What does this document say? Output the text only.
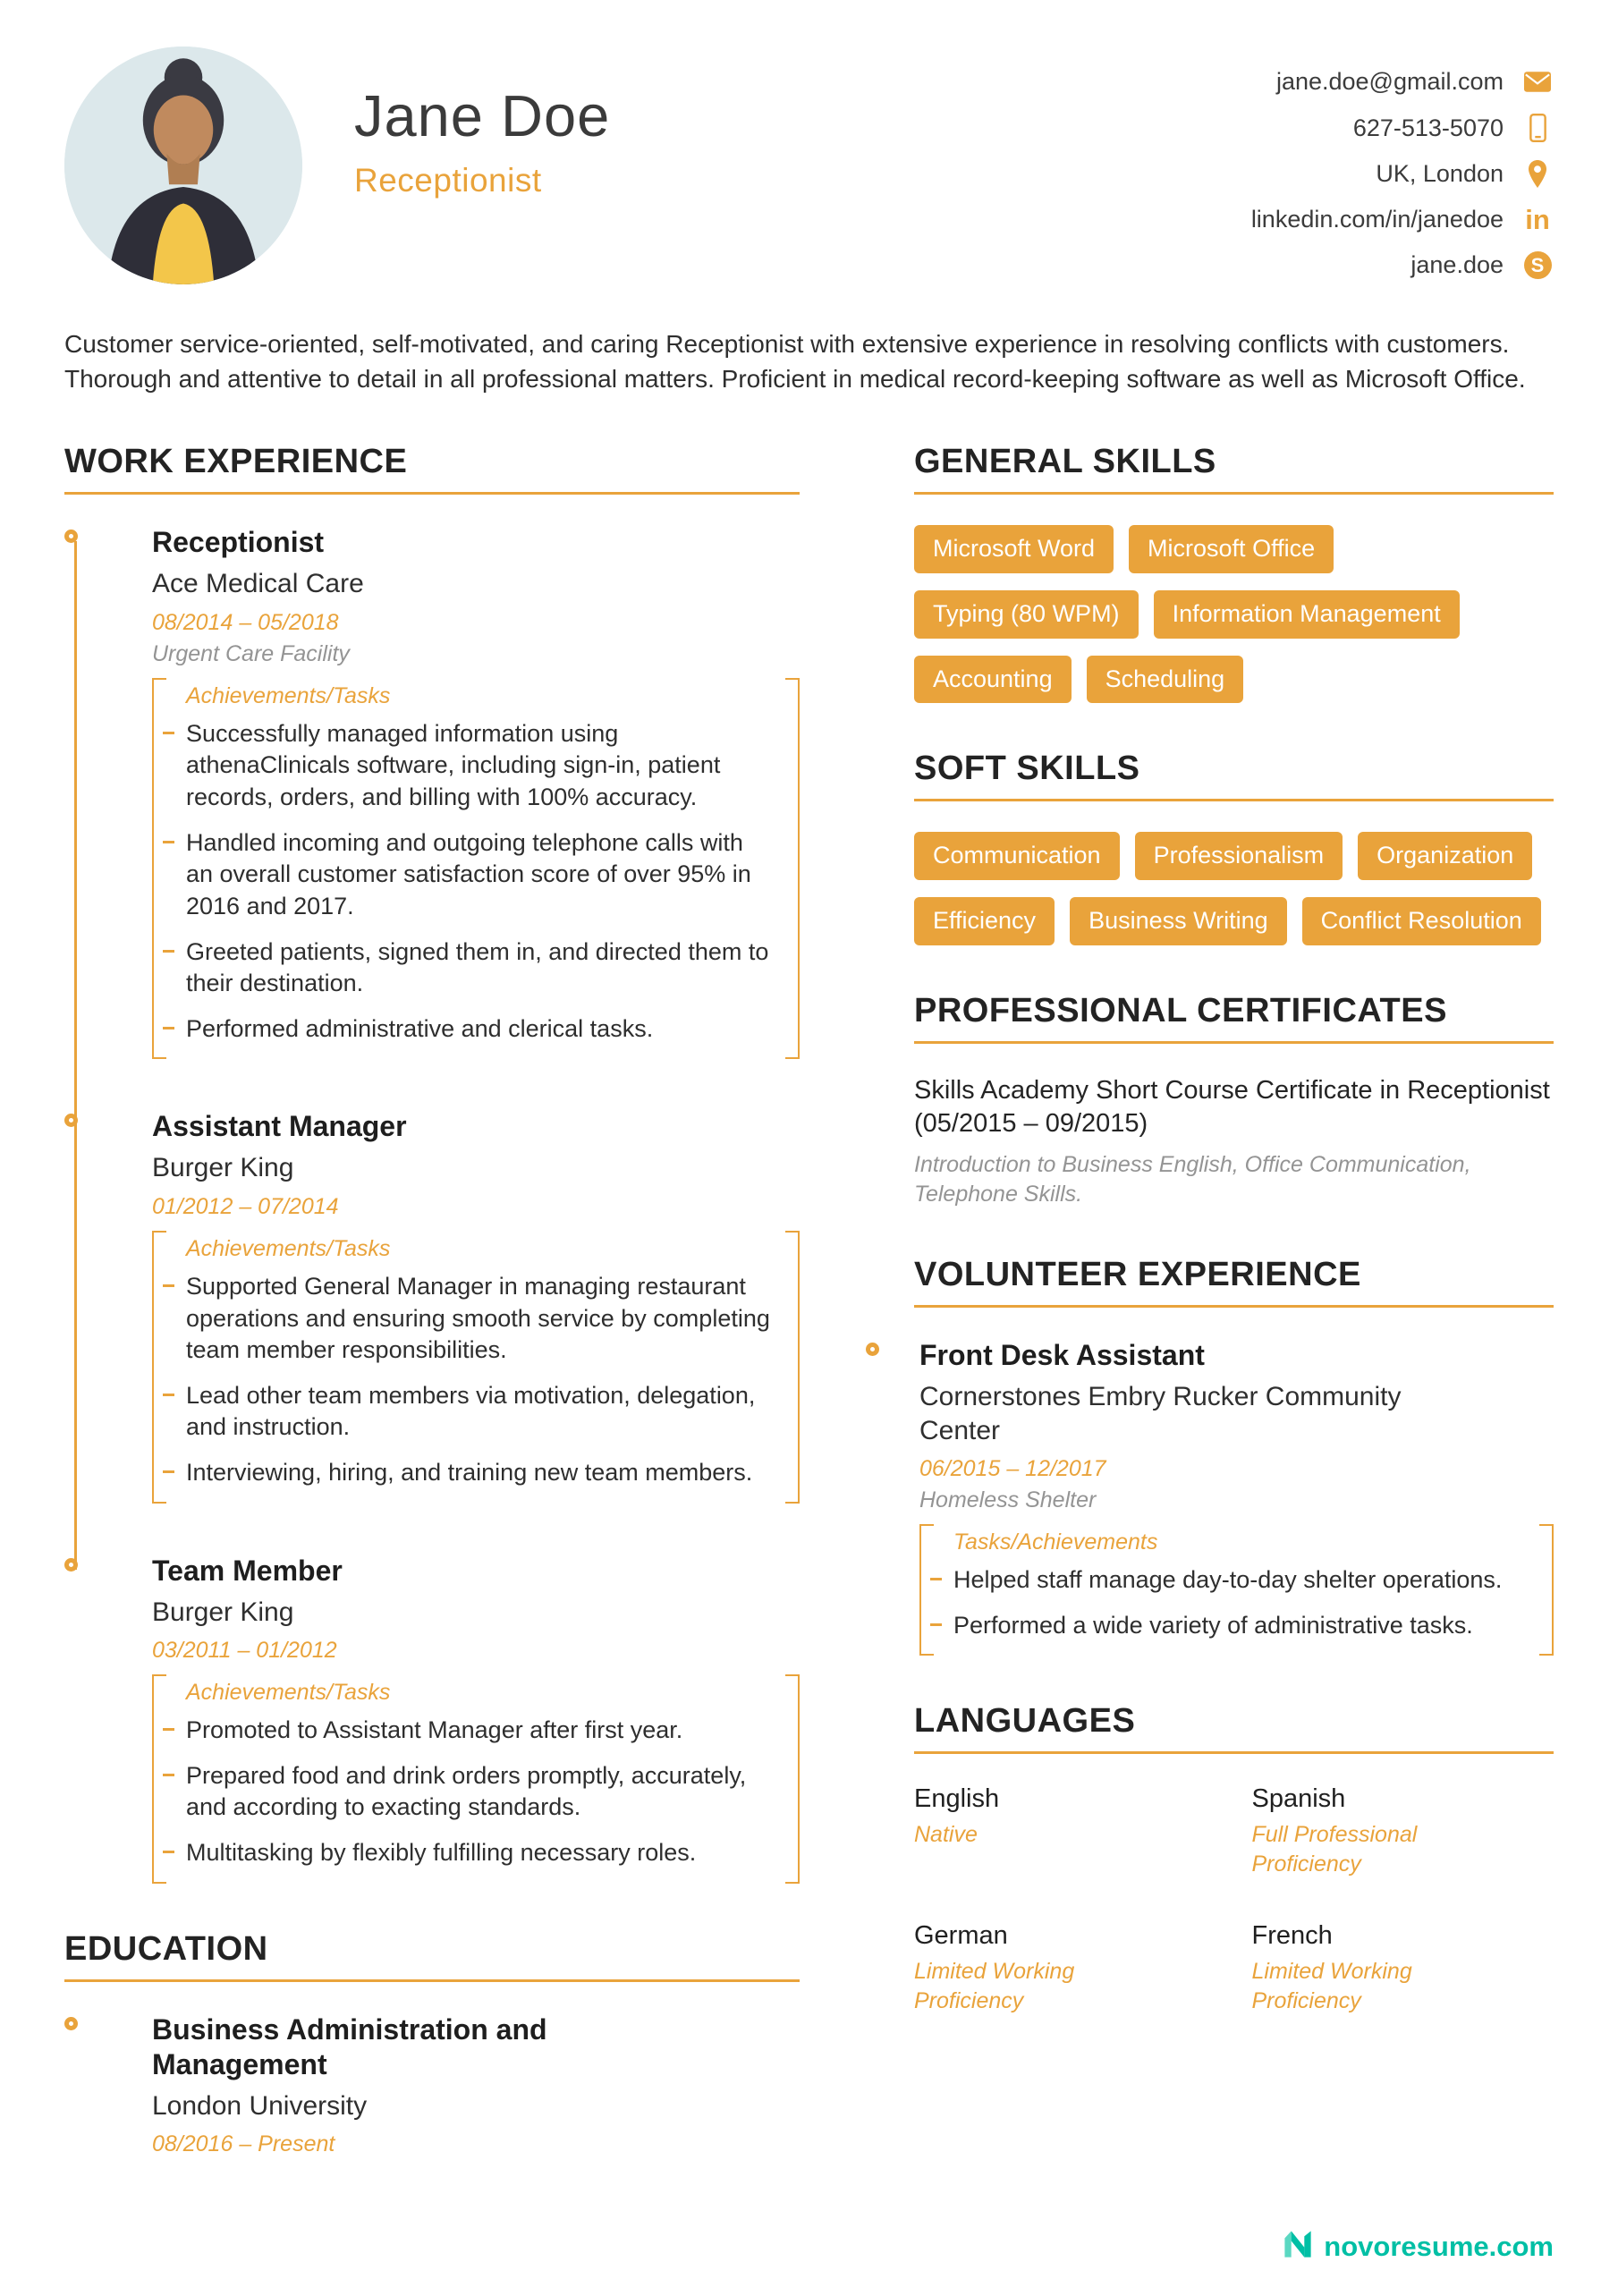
Jane Doe
Receptionist
jane.doe@gmail.com
627-513-5070
UK, London
linkedin.com/in/janedoe in
jane.doe	S

Customer service-oriented, self-motivated, and caring Receptionist with extensive experience in resolving conflicts with customers. Thorough and attentive to detail in all professional matters. Proficient in medical record-keeping software as well as Microsoft Office.

WORK EXPERIENCE
Receptionist
Ace Medical Care
08/2014 – 05/2018
Urgent Care Facility
Achievements/Tasks
Successfully managed information using athenaClinicals software, including sign-in, patient records, orders, and billing with 100% accuracy.
Handled incoming and outgoing telephone calls with an overall customer satisfaction score of over 95% in 2016 and 2017.
Greeted patients, signed them in, and directed them to their destination.
Performed administrative and clerical tasks.
Assistant Manager
Burger King
01/2012 – 07/2014
Achievements/Tasks
Supported General Manager in managing restaurant operations and ensuring smooth service by completing team member responsibilities.
Lead other team members via motivation, delegation, and instruction.
Interviewing, hiring, and training new team members.
Team Member
Burger King
03/2011 – 01/2012
Achievements/Tasks
Promoted to Assistant Manager after first year.
Prepared food and drink orders promptly, accurately, and according to exacting standards.
Multitasking by flexibly fulfilling necessary roles.
EDUCATION
Business Administration and Management
London University
08/2016 – Present
GENERAL SKILLS
Microsoft Word	Microsoft Office
Typing (80 WPM)	Information Management
Accounting	Scheduling
SOFT SKILLS
Communication	Professionalism	Organization
Efficiency	Business Writing	Conflict Resolution
PROFESSIONAL CERTIFICATES
Skills Academy Short Course Certificate in Receptionist (05/2015 – 09/2015)
Introduction to Business English, Office Communication, Telephone Skills.
VOLUNTEER EXPERIENCE
Front Desk Assistant
Cornerstones Embry Rucker Community Center
06/2015 – 12/2017
Homeless Shelter
Tasks/Achievements
Helped staff manage day-to-day shelter operations.
Performed a wide variety of administrative tasks.
LANGUAGES
English
Native
Spanish
Full Professional Proficiency
German
Limited Working Proficiency
French
Limited Working Proficiency
novoresume.com
